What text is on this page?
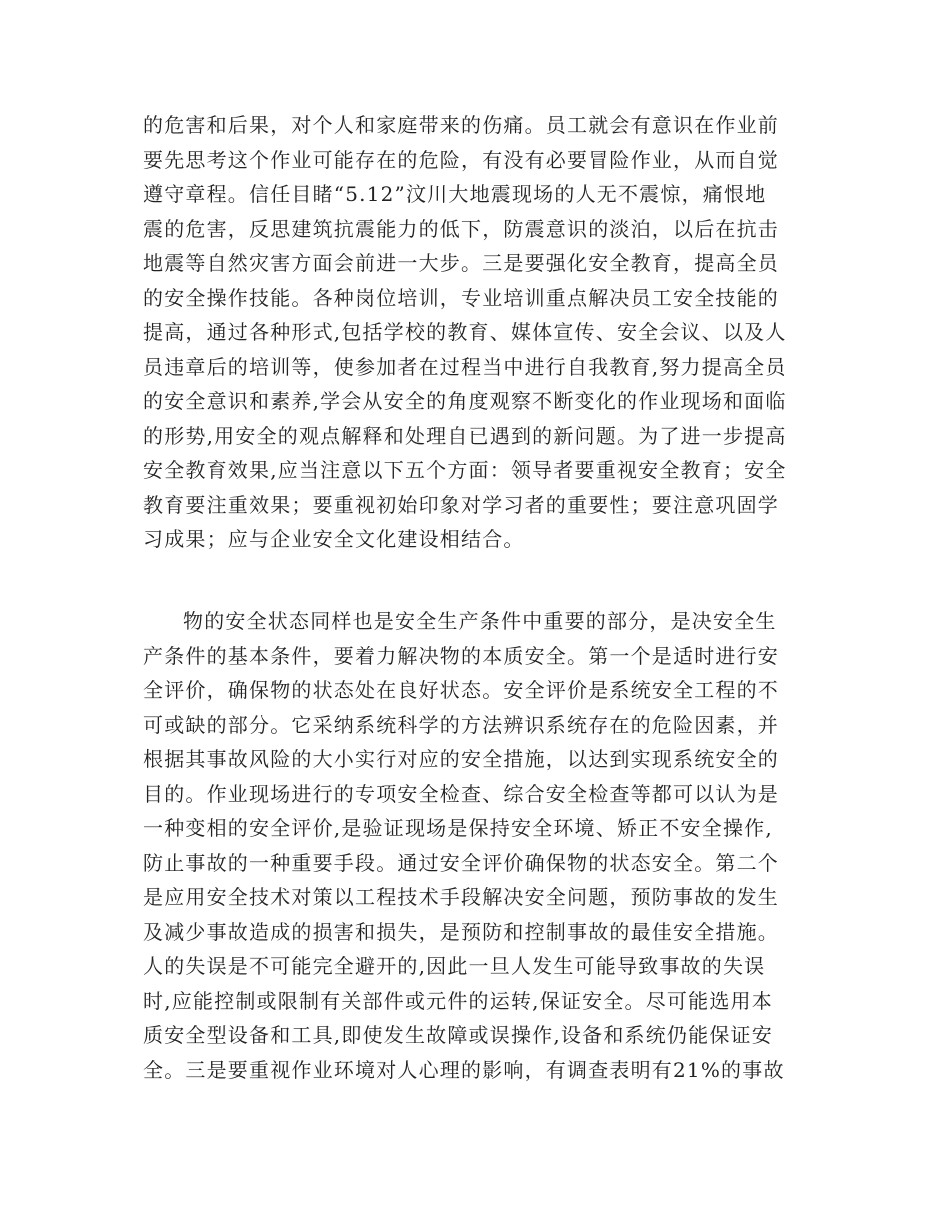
的危害和后果，对个人和家庭带来的伤痛。员工就会有意识在作业前
要先思考这个作业可能存在的危险，有没有必要冒险作业，从而自觉
遵守章程。信任目睹“5.12”汶川大地震现场的人无不震惊，痛恨地
震的危害，反思建筑抗震能力的低下，防震意识的淡泊，以后在抗击
地震等自然灾害方面会前进一大步。三是要强化安全教育，提高全员
的安全操作技能。各种岗位培训，专业培训重点解决员工安全技能的
提高，通过各种形式,包括学校的教育、媒体宣传、安全会议、以及人
员违章后的培训等，使参加者在过程当中进行自我教育,努力提高全员
的安全意识和素养,学会从安全的角度观察不断变化的作业现场和面临
的形势,用安全的观点解释和处理自已遇到的新问题。为了进一步提高
安全教育效果,应当注意以下五个方面：领导者要重视安全教育；安全
教育要注重效果；要重视初始印象对学习者的重要性；要注意巩固学
习成果；应与企业安全文化建设相结合。
物的安全状态同样也是安全生产条件中重要的部分，是决安全生
产条件的基本条件，要着力解决物的本质安全。第一个是适时进行安
全评价，确保物的状态处在良好状态。安全评价是系统安全工程的不
可或缺的部分。它采纳系统科学的方法辨识系统存在的危险因素，并
根据其事故风险的大小实行对应的安全措施，以达到实现系统安全的
目的。作业现场进行的专项安全检查、综合安全检查等都可以认为是
一种变相的安全评价,是验证现场是保持安全环境、矫正不安全操作,
防止事故的一种重要手段。通过安全评价确保物的状态安全。第二个
是应用安全技术对策以工程技术手段解决安全问题，预防事故的发生
及减少事故造成的损害和损失，是预防和控制事故的最佳安全措施。
人的失误是不可能完全避开的,因此一旦人发生可能导致事故的失误
时,应能控制或限制有关部件或元件的运转,保证安全。尽可能选用本
质安全型设备和工具,即使发生故障或误操作,设备和系统仍能保证安
全。三是要重视作业环境对人心理的影响，有调查表明有21%的事故
